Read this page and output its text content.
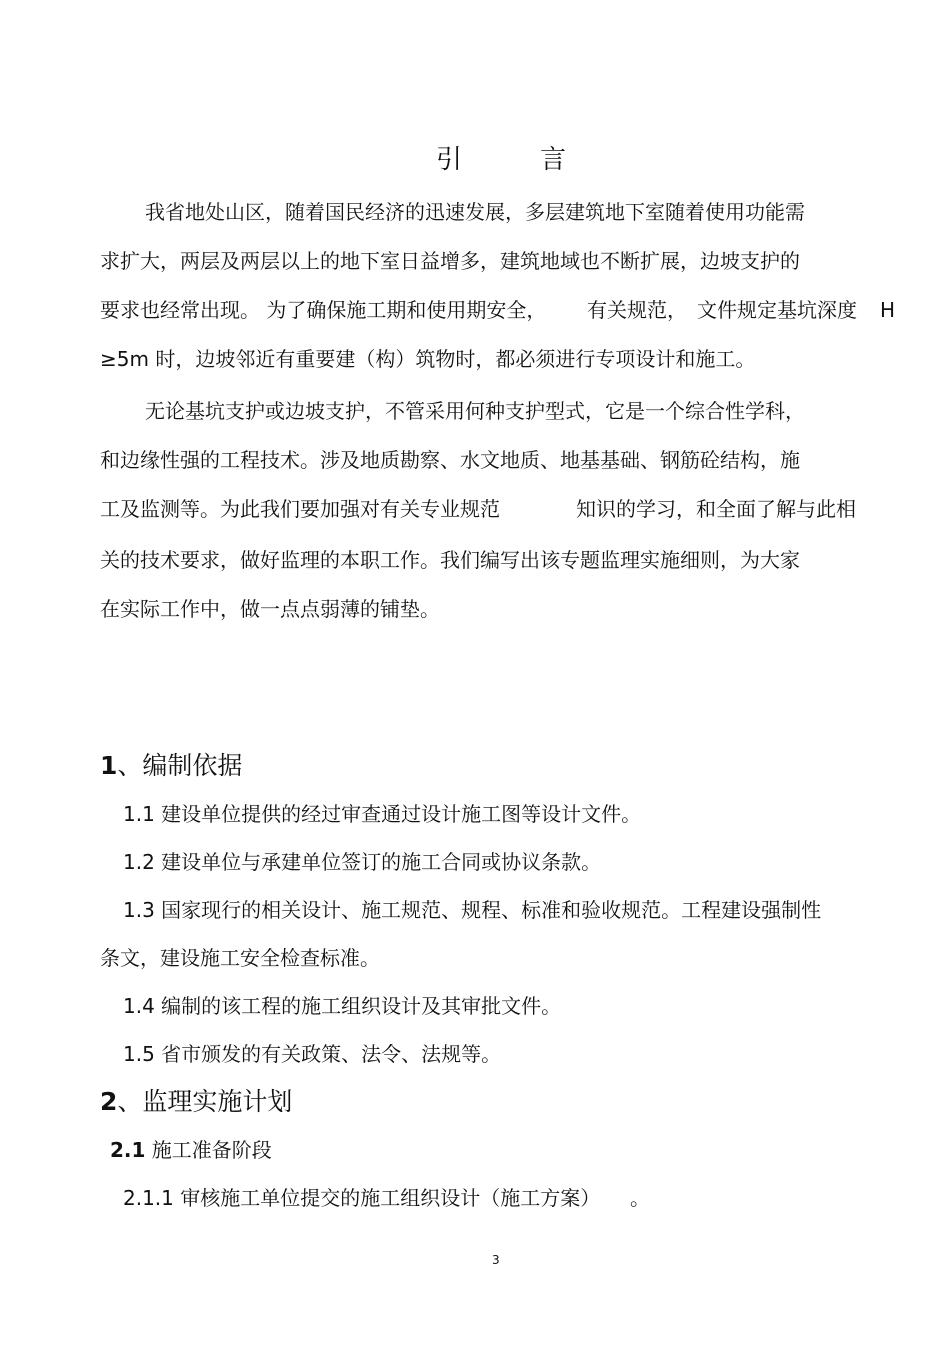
引　　　言
我省地处山区，随着国民经济的迅速发展，多层建筑地下室随着使用功能需
求扩大，两层及两层以上的地下室日益增多，建筑地域也不断扩展，边坡支护的
要求也经常出现。 为了确保施工期和使用期安全， 有关规范， 文件规定基坑深度 H
≥5m 时，边坡邻近有重要建（构）筑物时，都必须进行专项设计和施工。
无论基坑支护或边坡支护，不管采用何种支护型式，它是一个综合性学科，
和边缘性强的工程技术。涉及地质勘察、水文地质、地基基础、钢筋砼结构，施
工及监测等。为此我们要加强对有关专业规范	知识的学习，和全面了解与此相
关的技术要求，做好监理的本职工作。我们编写出该专题监理实施细则，为大家
在实际工作中，做一点点弱薄的铺垫。
1、编制依据
1.1 建设单位提供的经过审查通过设计施工图等设计文件。
1.2 建设单位与承建单位签订的施工合同或协议条款。
1.3 国家现行的相关设计、施工规范、规程、标准和验收规范。工程建设强制性
条文，建设施工安全检查标准。
1.4 编制的该工程的施工组织设计及其审批文件。
1.5 省市颁发的有关政策、法令、法规等。
2、监理实施计划
2.1 施工准备阶段
2.1.1 审核施工单位提交的施工组织设计（施工方案） 。
3
